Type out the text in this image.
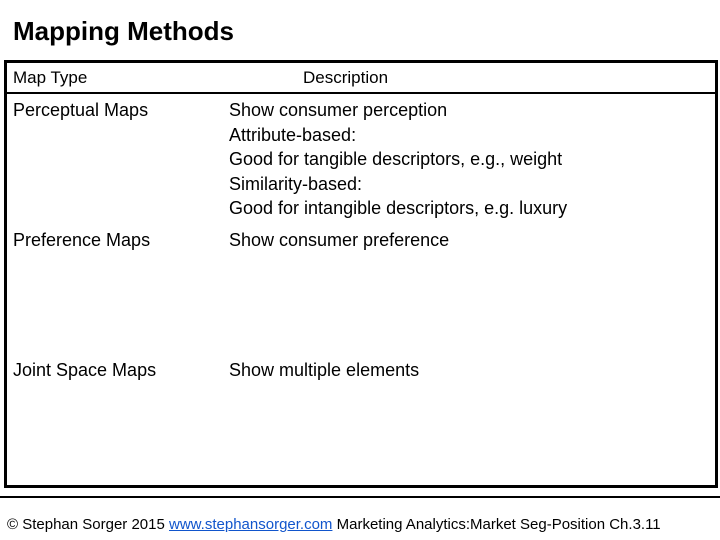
Mapping Methods
Map Type	Description
Perceptual Maps	Show consumer perception
Attribute-based:
Good for tangible descriptors, e.g., weight
Similarity-based:
Good for intangible descriptors, e.g. luxury
Preference Maps	Show consumer preference
Joint Space Maps	Show multiple elements
© Stephan Sorger 2015 www.stephansorger.com Marketing Analytics:Market Seg-Position Ch.3.11
